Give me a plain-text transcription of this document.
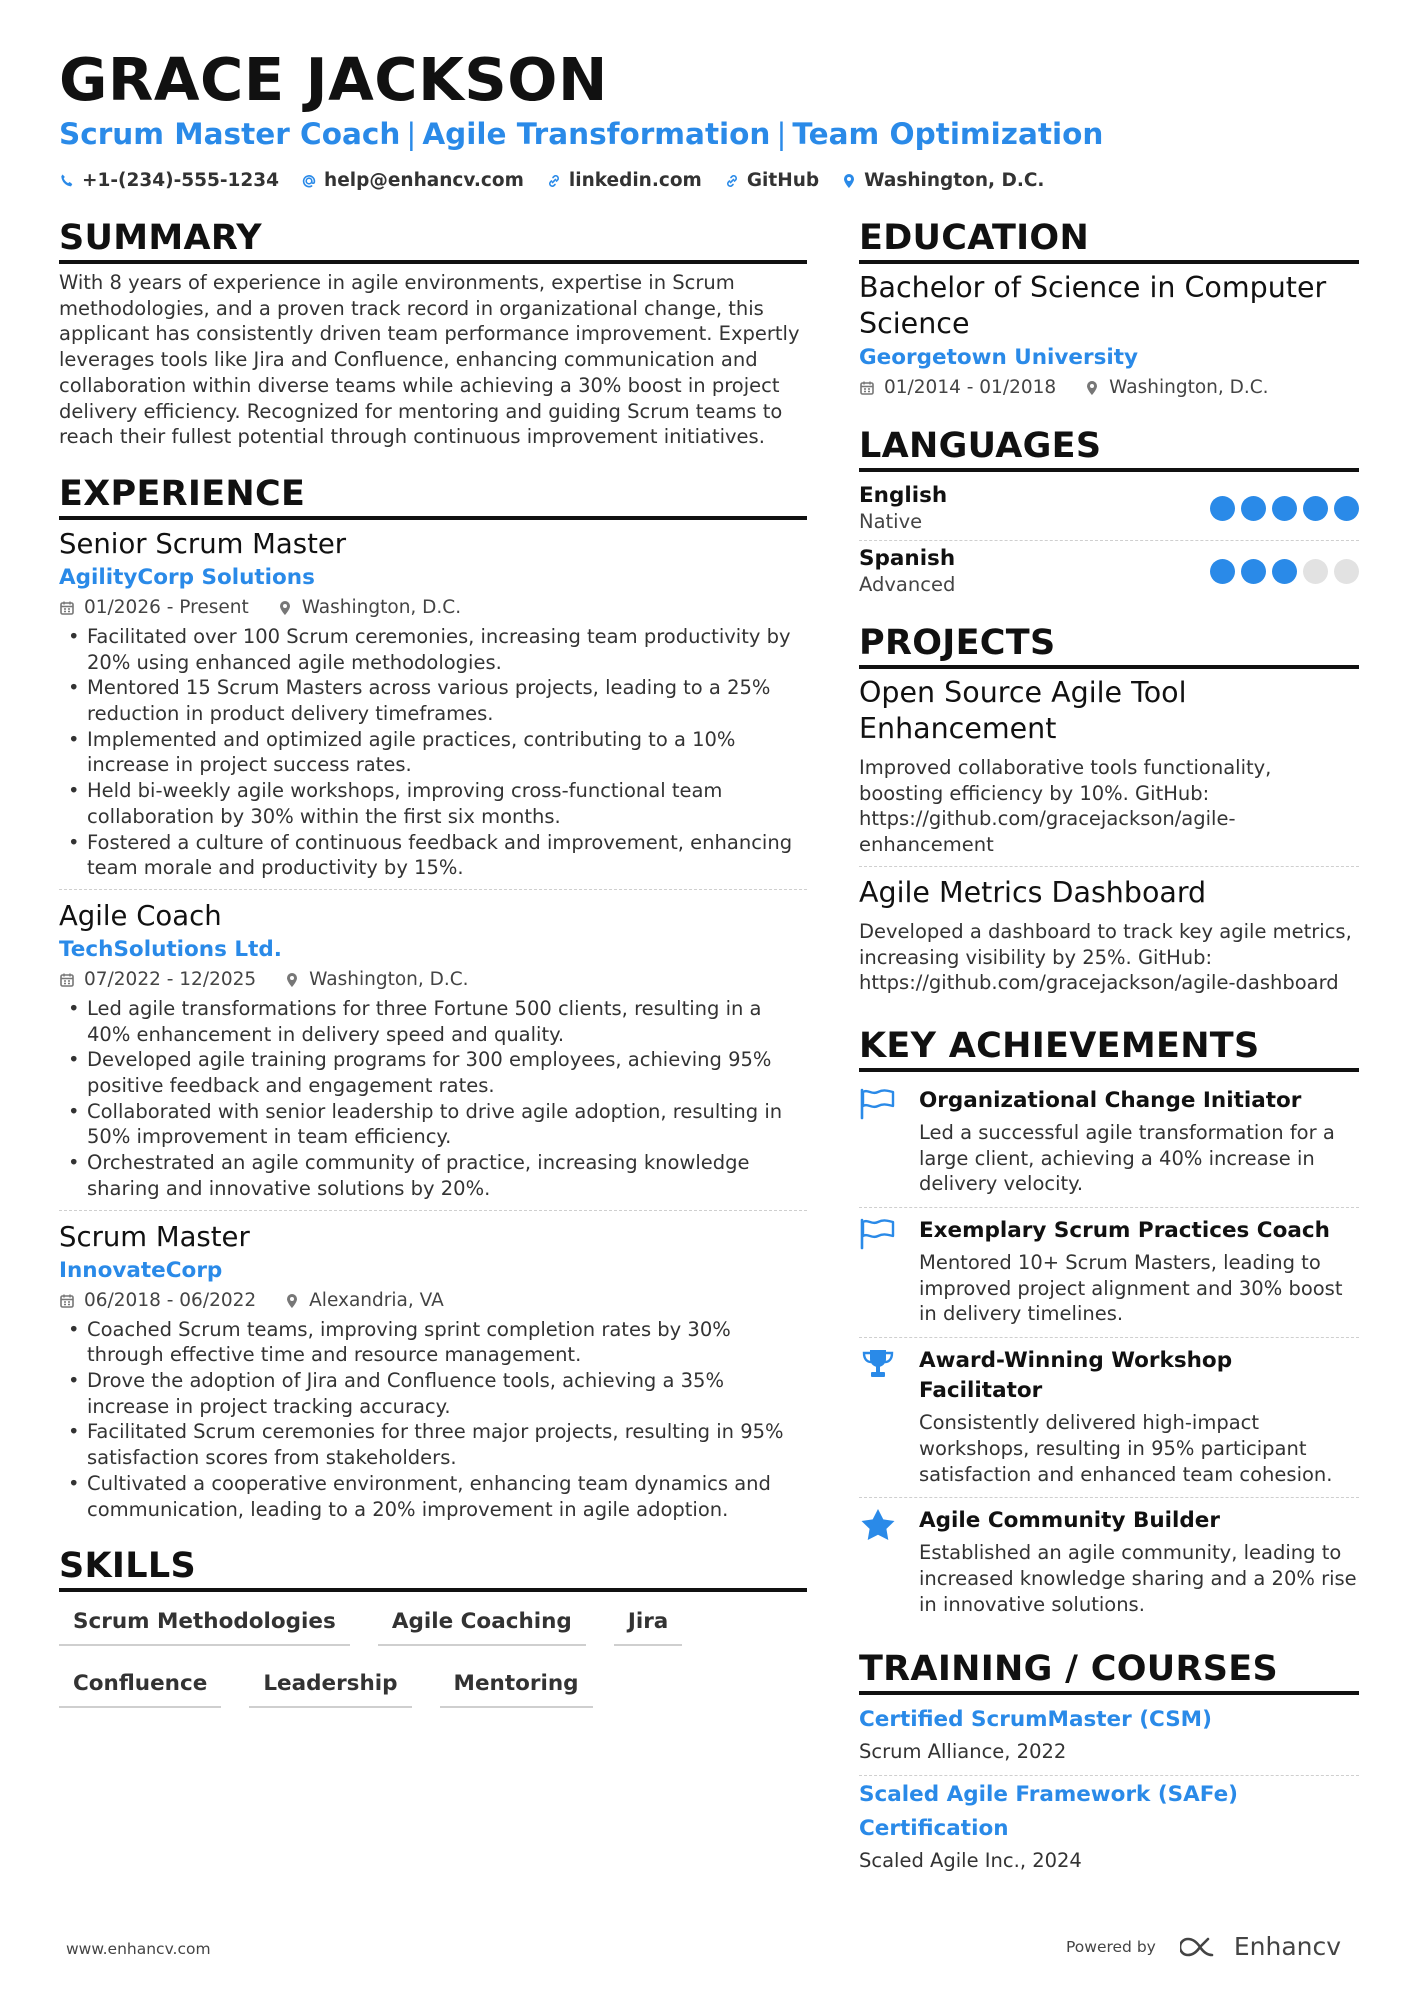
GRACE JACKSON
Scrum Master Coach | Agile Transformation | Team Optimization
+1-(234)-555-1234 help@enhancv.com linkedin.com GitHub Washington, D.C.
SUMMARY

With 8 years of experience in agile environments, expertise in Scrum methodologies, and a proven track record in organizational change, this applicant has consistently driven team performance improvement. Expertly leverages tools like Jira and Confluence, enhancing communication and collaboration within diverse teams while achieving a 30% boost in project delivery efficiency. Recognized for mentoring and guiding Scrum teams to reach their fullest potential through continuous improvement initiatives.

EXPERIENCE
Senior Scrum Master
AgilityCorp Solutions
01/2026 - Present	Washington, D.C.
• Facilitated over 100 Scrum ceremonies, increasing team productivity by 20% using enhanced agile methodologies.
• Mentored 15 Scrum Masters across various projects, leading to a 25% reduction in product delivery timeframes.
• Implemented and optimized agile practices, contributing to a 10% increase in project success rates.
• Held bi-weekly agile workshops, improving cross-functional team collaboration by 30% within the first six months.
• Fostered a culture of continuous feedback and improvement, enhancing team morale and productivity by 15%.
Agile Coach
TechSolutions Ltd.
07/2022 - 12/2025	Washington, D.C.
• Led agile transformations for three Fortune 500 clients, resulting in a 40% enhancement in delivery speed and quality.
• Developed agile training programs for 300 employees, achieving 95% positive feedback and engagement rates.
• Collaborated with senior leadership to drive agile adoption, resulting in 50% improvement in team efficiency.
• Orchestrated an agile community of practice, increasing knowledge sharing and innovative solutions by 20%.
Scrum Master
InnovateCorp
06/2018 - 06/2022	Alexandria, VA
• Coached Scrum teams, improving sprint completion rates by 30% through effective time and resource management.
• Drove the adoption of Jira and Confluence tools, achieving a 35% increase in project tracking accuracy.
• Facilitated Scrum ceremonies for three major projects, resulting in 95% satisfaction scores from stakeholders.
• Cultivated a cooperative environment, enhancing team dynamics and communication, leading to a 20% improvement in agile adoption.
SKILLS
Scrum Methodologies	Agile Coaching	Jira
Confluence	Leadership	Mentoring
EDUCATION
Bachelor of Science in Computer Science
Georgetown University
01/2014 - 01/2018	Washington, D.C.
LANGUAGES
English
Native
Spanish
Advanced
PROJECTS
Open Source Agile Tool Enhancement
Improved collaborative tools functionality, boosting efficiency by 10%. GitHub: https://github.com/gracejackson/agile-enhancement
Agile Metrics Dashboard
Developed a dashboard to track key agile metrics, increasing visibility by 25%. GitHub: https://github.com/gracejackson/agile-dashboard
KEY ACHIEVEMENTS
Organizational Change Initiator
Led a successful agile transformation for a large client, achieving a 40% increase in delivery velocity.
Exemplary Scrum Practices Coach
Mentored 10+ Scrum Masters, leading to improved project alignment and 30% boost in delivery timelines.
Award-Winning Workshop Facilitator
Consistently delivered high-impact workshops, resulting in 95% participant satisfaction and enhanced team cohesion.
Agile Community Builder
Established an agile community, leading to increased knowledge sharing and a 20% rise in innovative solutions.
TRAINING / COURSES
Certified ScrumMaster (CSM)
Scrum Alliance, 2022
Scaled Agile Framework (SAFe) Certification
Scaled Agile Inc., 2024
www.enhancv.com	Powered by	Enhancv
